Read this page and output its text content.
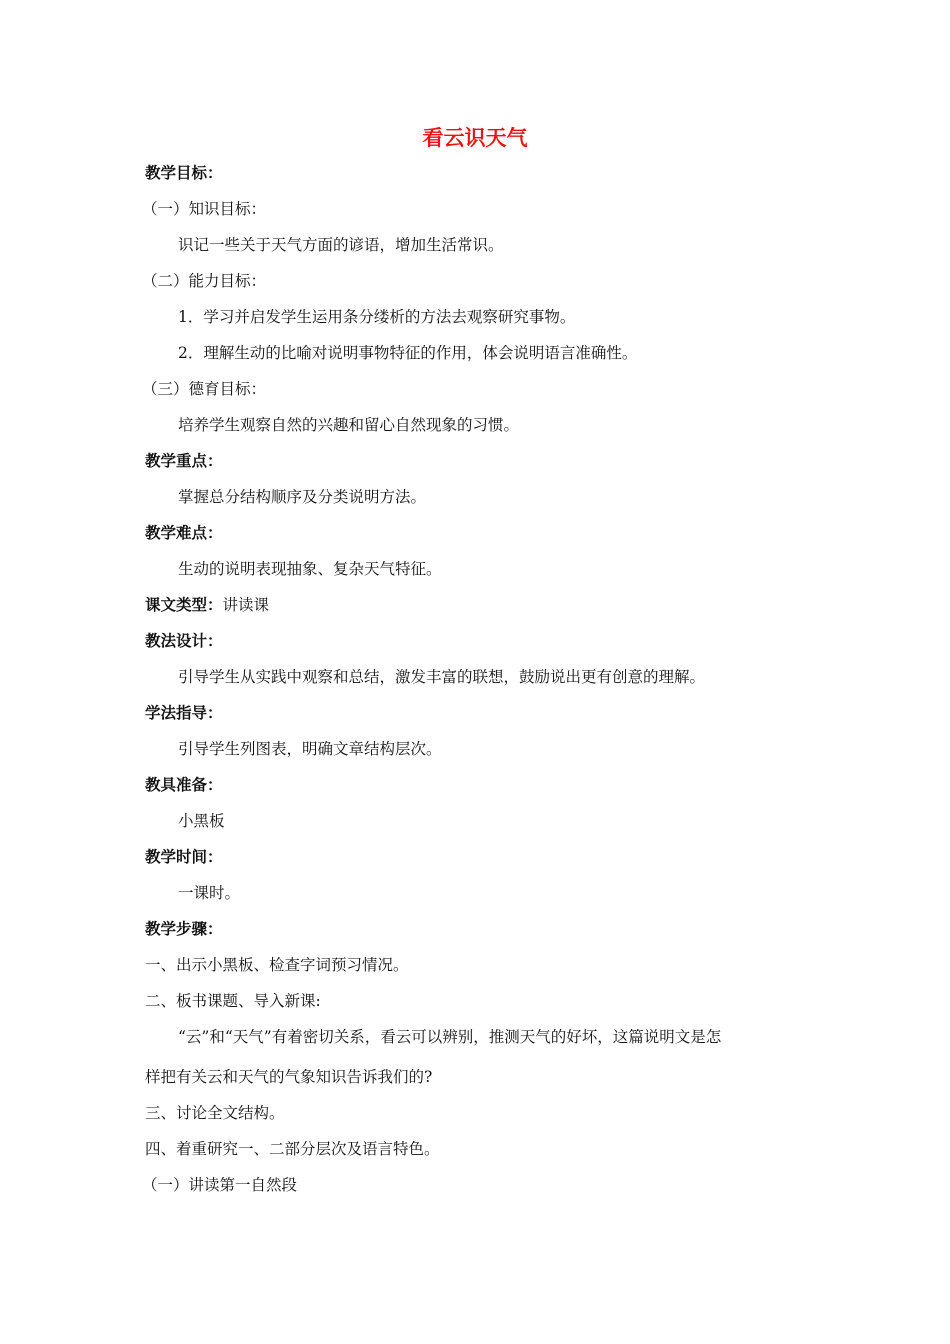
看云识天气
教学目标：
（一）知识目标：
识记一些关于天气方面的谚语，增加生活常识。
（二）能力目标：
1．学习并启发学生运用条分缕析的方法去观察研究事物。
2．理解生动的比喻对说明事物特征的作用，体会说明语言准确性。
（三）德育目标：
培养学生观察自然的兴趣和留心自然现象的习惯。
教学重点：
掌握总分结构顺序及分类说明方法。
教学难点：
生动的说明表现抽象、复杂天气特征。
课文类型：讲读课
教法设计：
引导学生从实践中观察和总结，激发丰富的联想，鼓励说出更有创意的理解。
学法指导：
引导学生列图表，明确文章结构层次。
教具准备：
小黑板
教学时间：
一课时。
教学步骤：
一、出示小黑板、检查字词预习情况。
二、板书课题、导入新课:
“云”和“天气”有着密切关系，看云可以辨别，推测天气的好坏，这篇说明文是怎
样把有关云和天气的气象知识告诉我们的?
三、讨论全文结构。
四、着重研究一、二部分层次及语言特色。
（一）讲读第一自然段
